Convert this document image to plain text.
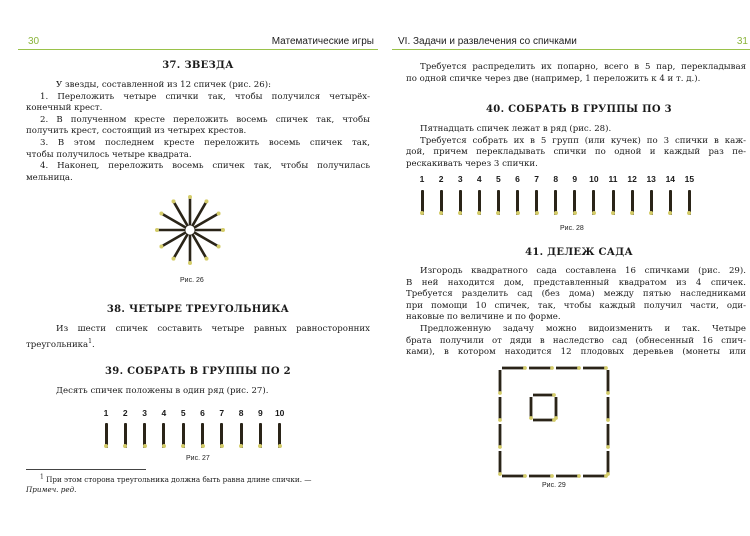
30	Математические игры
37. ЗВЕЗДА
У звезды, составленной из 12 спичек (рис. 26):
1. Переложить четыре спички так, чтобы получился четырёх-
конечный крест.
2. В полученном кресте переложить восемь спичек так, чтобы
получить крест, состоящий из четырех крестов.
3. В этом последнем кресте переложить восемь спичек так,
чтобы получилось четыре квадрата.
4. Наконец, переложить восемь спичек так, чтобы получилась
мельница.
Рис. 26
38. ЧЕТЫРЕ ТРЕУГОЛЬНИКА
Из шести спичек составить четыре равных равносторонних
треугольника$^1$.
39. СОБРАТЬ В ГРУППЫ ПО 2
Десять спичек положены в один ряд (рис. 27).
1 2 3 4 5 6 7 8 9 10
Рис. 27
$^1$ При этом сторона треугольника должна быть равна длине спички. —
Примеч. ред.
VI. Задачи и развлечения со спичками	31
Требуется распределить их попарно, всего в 5 пар, перекладывая
по одной спичке через две (например, 1 переложить к 4 и т. д.).
40. СОБРАТЬ В ГРУППЫ ПО 3
Пятнадцать спичек лежат в ряд (рис. 28).
Требуется собрать их в 5 групп (или кучек) по 3 спички в каж-
дой, причем перекладывать спички по одной и каждый раз пе-
рескакивать через 3 спички.
1 2 3 4 5 6 7 8 9 10 11 12 13 14 15
Рис. 28
41. ДЕЛЕЖ САДА
Изгородь квадратного сада составлена 16 спичками (рис. 29).
В ней находится дом, представленный квадратом из 4 спичек.
Требуется разделить сад (без дома) между пятью наследниками
при помощи 10 спичек, так, чтобы каждый получил части, оди-
наковые по величине и по форме.
Предложенную задачу можно видоизменить и так. Четыре
брата получили от дяди в наследство сад (обнесенный 16 спич-
ками), в котором находится 12 плодовых деревьев (монеты или
Рис. 29
